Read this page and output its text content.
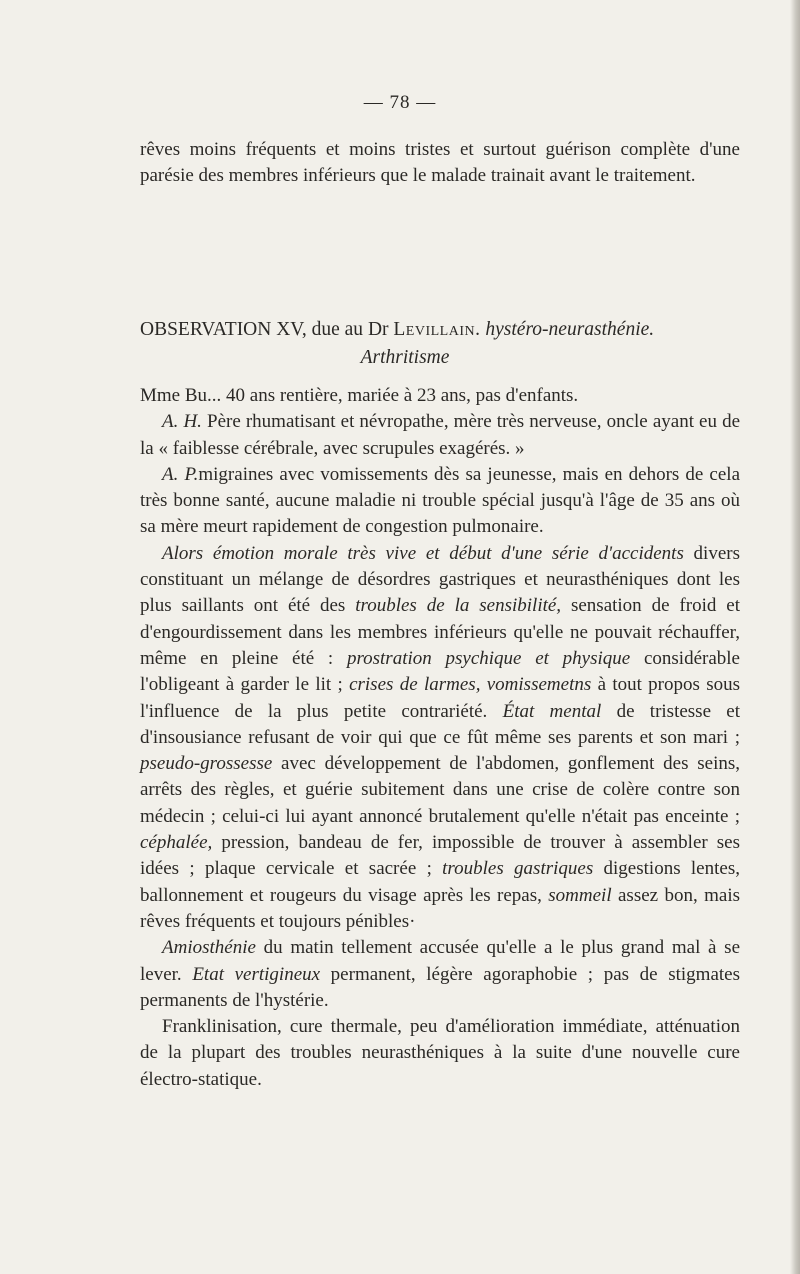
— 78 —

rêves moins fréquents et moins tristes et surtout guérison complète d'une parésie des membres inférieurs que le malade trainait avant le traitement.

OBSERVATION XV, due au Dr Levillain. hystéro-neurasthénie.
Arthritisme

Mme Bu... 40 ans rentière, mariée à 23 ans, pas d'enfants.

A. H. Père rhumatisant et névropathe, mère très nerveuse, oncle ayant eu de la « faiblesse cérébrale, avec scrupules exagérés. »

A. P.migraines avec vomissements dès sa jeunesse, mais en dehors de cela très bonne santé, aucune maladie ni trouble spécial jusqu'à l'âge de 35 ans où sa mère meurt rapidement de congestion pulmonaire.

Alors émotion morale très vive et début d'une série d'accidents divers constituant un mélange de désordres gastriques et neurasthéniques dont les plus saillants ont été des troubles de la sensibilité, sensation de froid et d'engourdissement dans les membres inférieurs qu'elle ne pouvait réchauffer, même en pleine été : prostration psychique et physique considérable l'obligeant à garder le lit ; crises de larmes, vomissemetns à tout propos sous l'influence de la plus petite contrariété. État mental de tristesse et d'insousiance refusant de voir qui que ce fût même ses parents et son mari ; pseudo-grossesse avec développement de l'abdomen, gonflement des seins, arrêts des règles, et guérie subitement dans une crise de colère contre son médecin ; celui-ci lui ayant annoncé brutalement qu'elle n'était pas enceinte ; céphalée, pression, bandeau de fer, impossible de trouver à assembler ses idées ; plaque cervicale et sacrée ; troubles gastriques digestions lentes, ballonnement et rougeurs du visage après les repas, sommeil assez bon, mais rêves fréquents et toujours pénibles·

Amiosthénie du matin tellement accusée qu'elle a le plus grand mal à se lever. Etat vertigineux permanent, légère agoraphobie ; pas de stigmates permanents de l'hystérie.

Franklinisation, cure thermale, peu d'amélioration immédiate, atténuation de la plupart des troubles neurasthéniques à la suite d'une nouvelle cure électro-statique.
